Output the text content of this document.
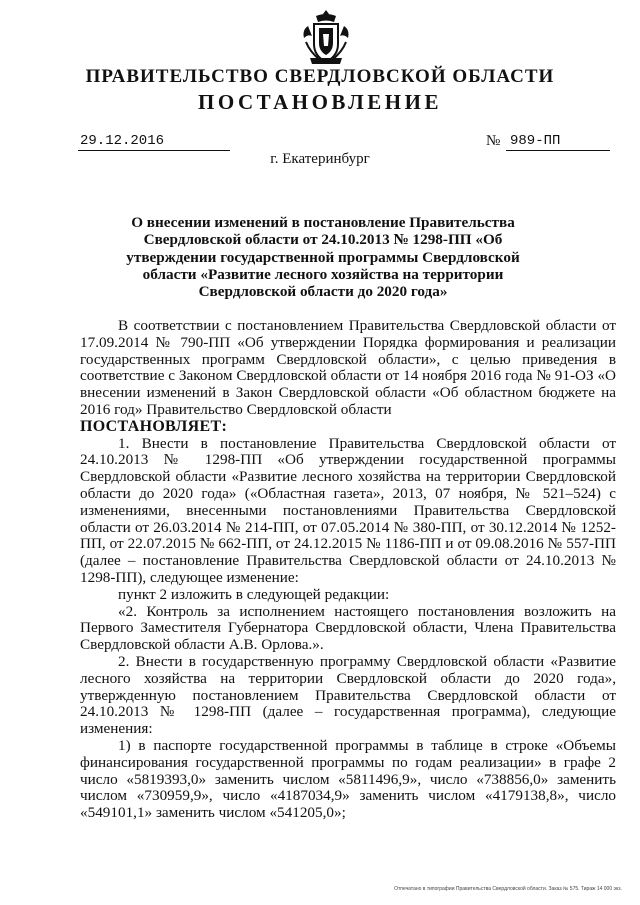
ПРАВИТЕЛЬСТВО СВЕРДЛОВСКОЙ ОБЛАСТИ
ПОСТАНОВЛЕНИЕ
29.12.2016	№ 989-ПП
г. Екатеринбург
О внесении изменений в постановление Правительства Свердловской области от 24.10.2013 № 1298-ПП «Об утверждении государственной программы Свердловской области «Развитие лесного хозяйства на территории Свердловской области до 2020 года»

В соответствии с постановлением Правительства Свердловской области от 17.09.2014 № 790-ПП «Об утверждении Порядка формирования и реализации государственных программ Свердловской области», с целью приведения в соответствие с Законом Свердловской области от 14 ноября 2016 года № 91-ОЗ «О внесении изменений в Закон Свердловской области «Об областном бюджете на 2016 год» Правительство Свердловской области

ПОСТАНОВЛЯЕТ:

1. Внести в постановление Правительства Свердловской области от 24.10.2013 № 1298-ПП «Об утверждении государственной программы Свердловской области «Развитие лесного хозяйства на территории Свердловской области до 2020 года» («Областная газета», 2013, 07 ноября, № 521–524) с изменениями, внесенными постановлениями Правительства Свердловской области от 26.03.2014 № 214-ПП, от 07.05.2014 № 380-ПП, от 30.12.2014 № 1252-ПП, от 22.07.2015 № 662-ПП, от 24.12.2015 № 1186-ПП и от 09.08.2016 № 557-ПП (далее – постановление Правительства Свердловской области от 24.10.2013 № 1298-ПП), следующее изменение:

пункт 2 изложить в следующей редакции:

«2. Контроль за исполнением настоящего постановления возложить на Первого Заместителя Губернатора Свердловской области, Члена Правительства Свердловской области А.В. Орлова.».

2. Внести в государственную программу Свердловской области «Развитие лесного хозяйства на территории Свердловской области до 2020 года», утвержденную постановлением Правительства Свердловской области от 24.10.2013 № 1298-ПП (далее – государственная программа), следующие изменения:

1) в паспорте государственной программы в таблице в строке «Объемы финансирования государственной программы по годам реализации» в графе 2 число «5819393,0» заменить числом «5811496,9», число «738856,0» заменить числом «730959,9», число «4187034,9» заменить числом «4179138,8», число «549101,1» заменить числом «541205,0»;

Отпечатано в типографии Правительства Свердловской области. Заказ № 575. Тираж 14 000 экз.
